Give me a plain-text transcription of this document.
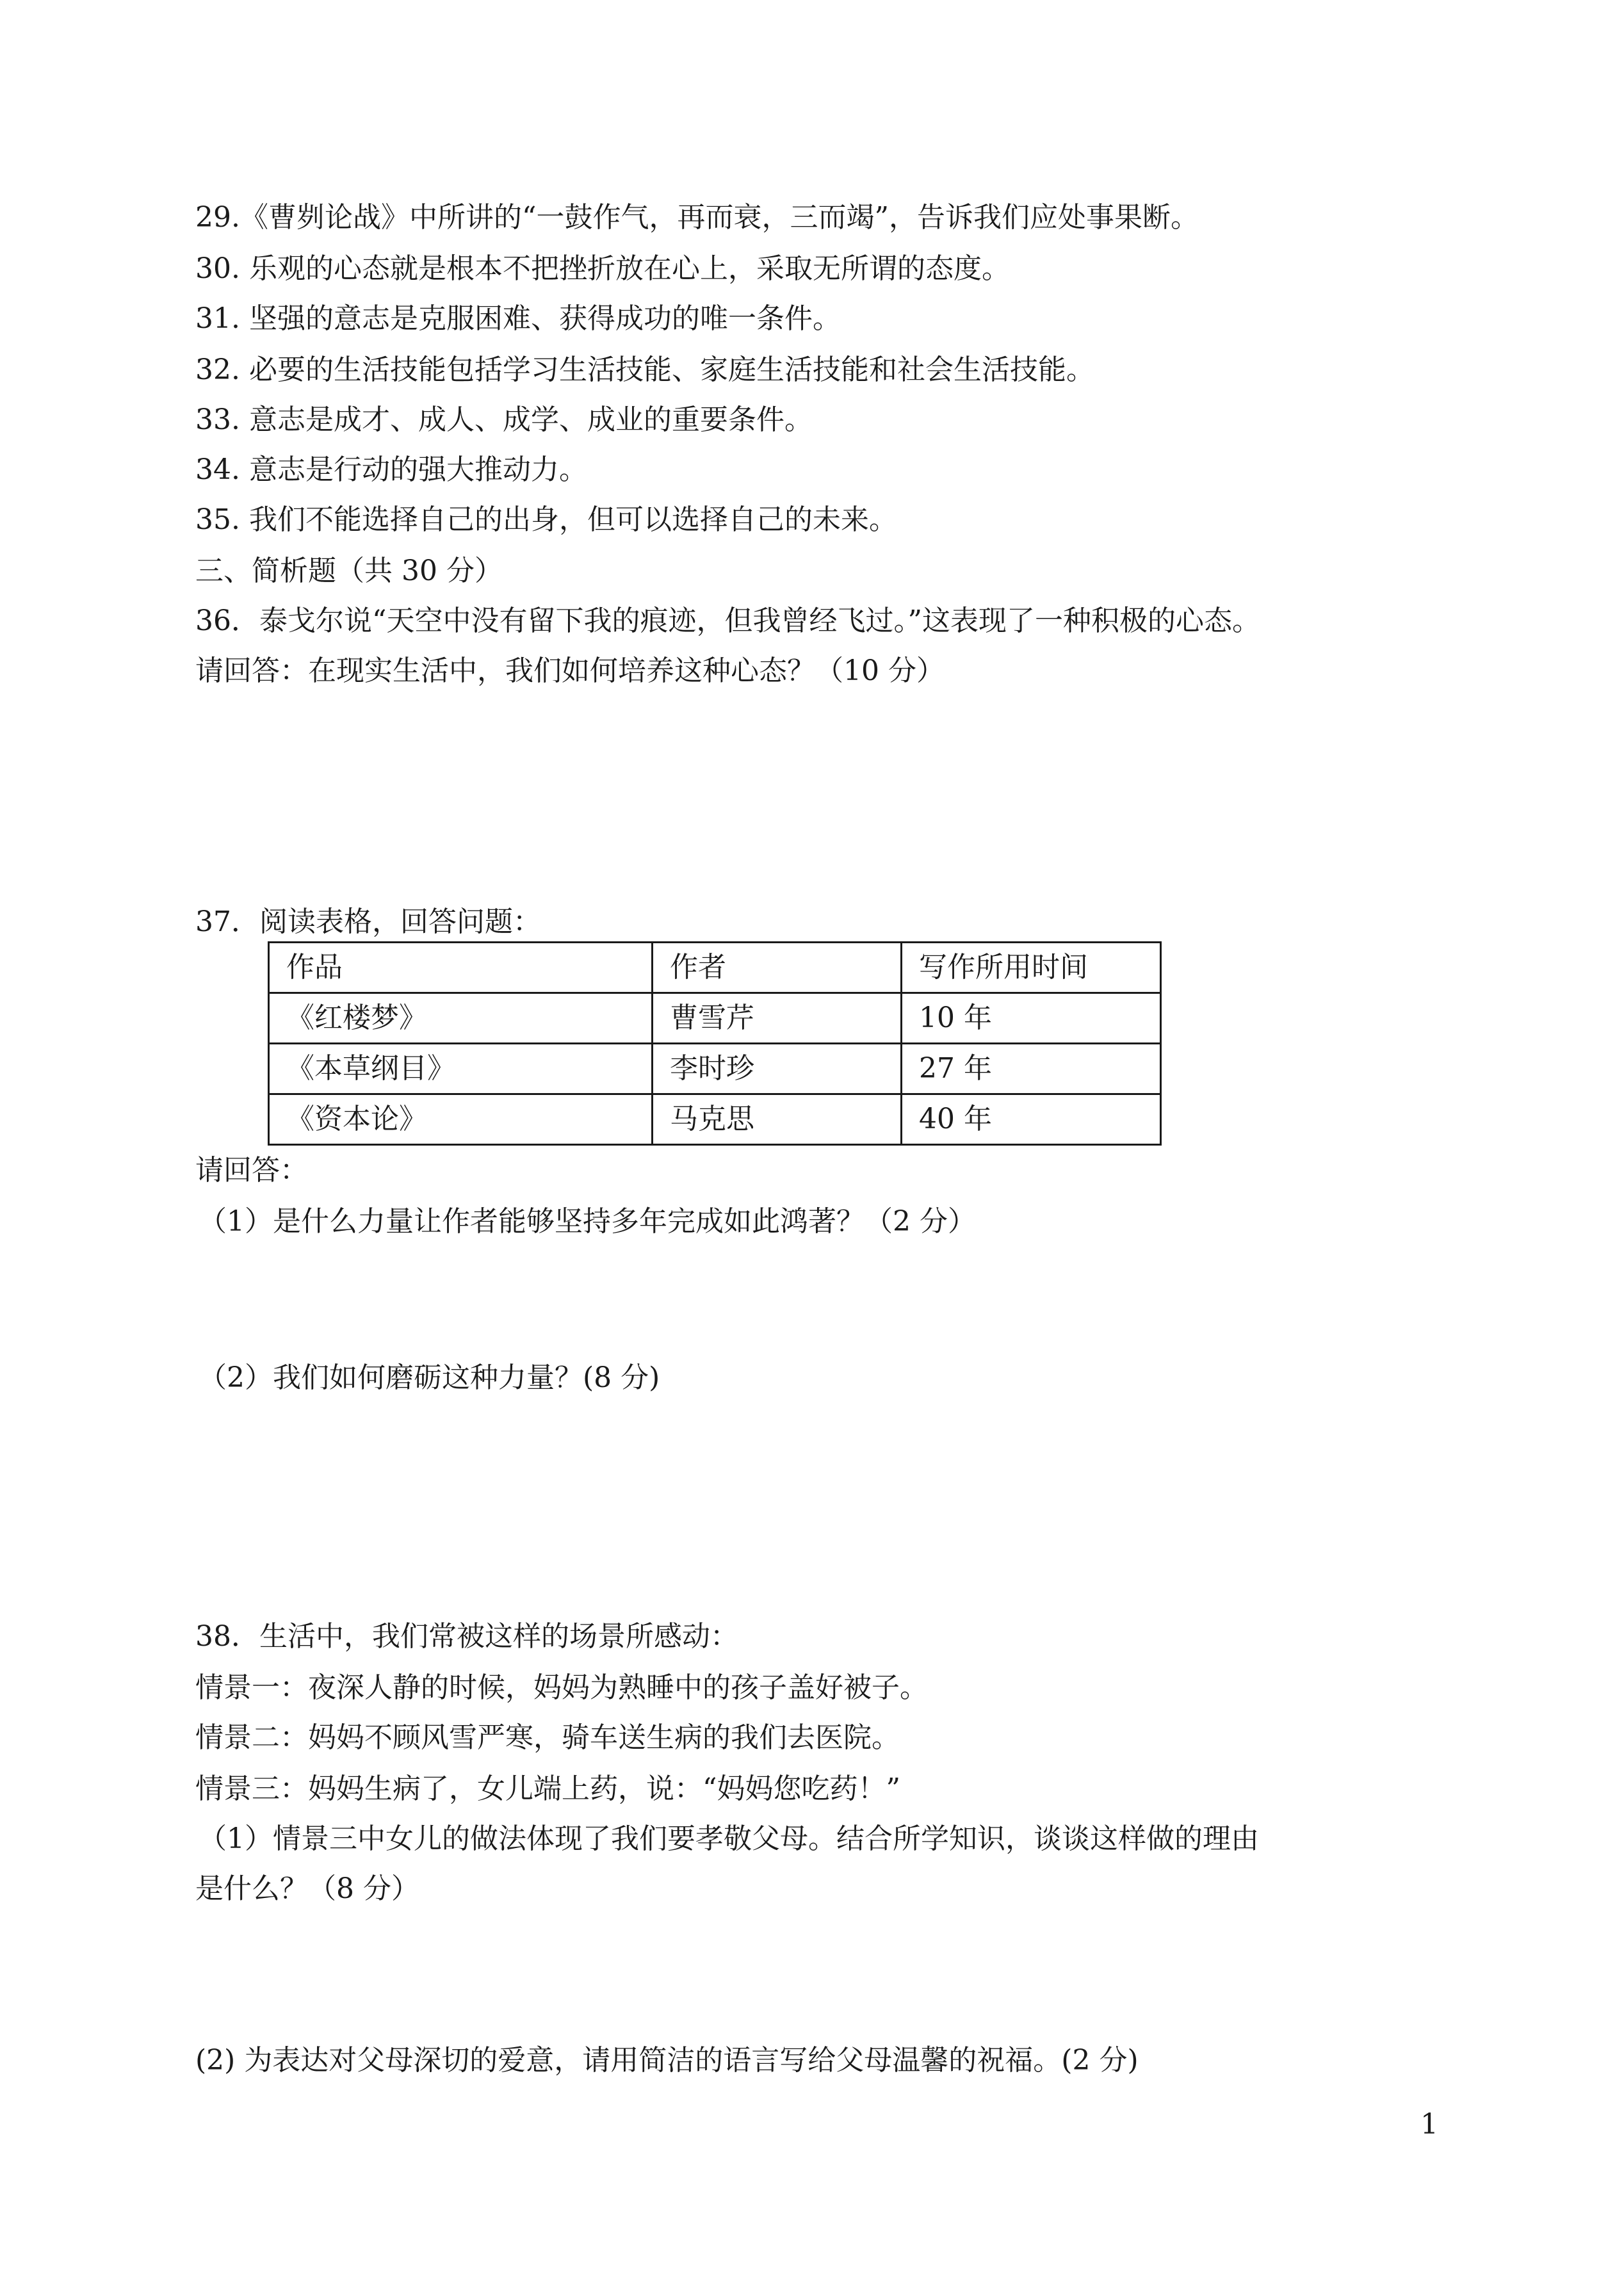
29.《曹刿论战》中所讲的“一鼓作气，再而衰，三而竭”，告诉我们应处事果断。

30. 乐观的心态就是根本不把挫折放在心上，采取无所谓的态度。

31. 坚强的意志是克服困难、获得成功的唯一条件。

32. 必要的生活技能包括学习生活技能、家庭生活技能和社会生活技能。

33. 意志是成才、成人、成学、成业的重要条件。

34. 意志是行动的强大推动力。

35. 我们不能选择自己的出身，但可以选择自己的未来。

三、简析题（共 30 分）

36．泰戈尔说“天空中没有留下我的痕迹，但我曾经飞过。”这表现了一种积极的心态。

请回答：在现实生活中，我们如何培养这种心态？（10 分）

37．阅读表格，回答问题：

作品	作者	写作所用时间
《红楼梦》	曹雪芹	10 年
《本草纲目》	李时珍	27 年
《资本论》	马克思	40 年

请回答：

（1）是什么力量让作者能够坚持多年完成如此鸿著？（2 分）

（2）我们如何磨砺这种力量？(8 分)

38．生活中，我们常被这样的场景所感动：

情景一：夜深人静的时候，妈妈为熟睡中的孩子盖好被子。

情景二：妈妈不顾风雪严寒，骑车送生病的我们去医院。

情景三：妈妈生病了，女儿端上药，说：“妈妈您吃药！”

（1）情景三中女儿的做法体现了我们要孝敬父母。结合所学知识，谈谈这样做的理由

是什么？（8 分）

(2) 为表达对父母深切的爱意，请用简洁的语言写给父母温馨的祝福。(2 分)

1
